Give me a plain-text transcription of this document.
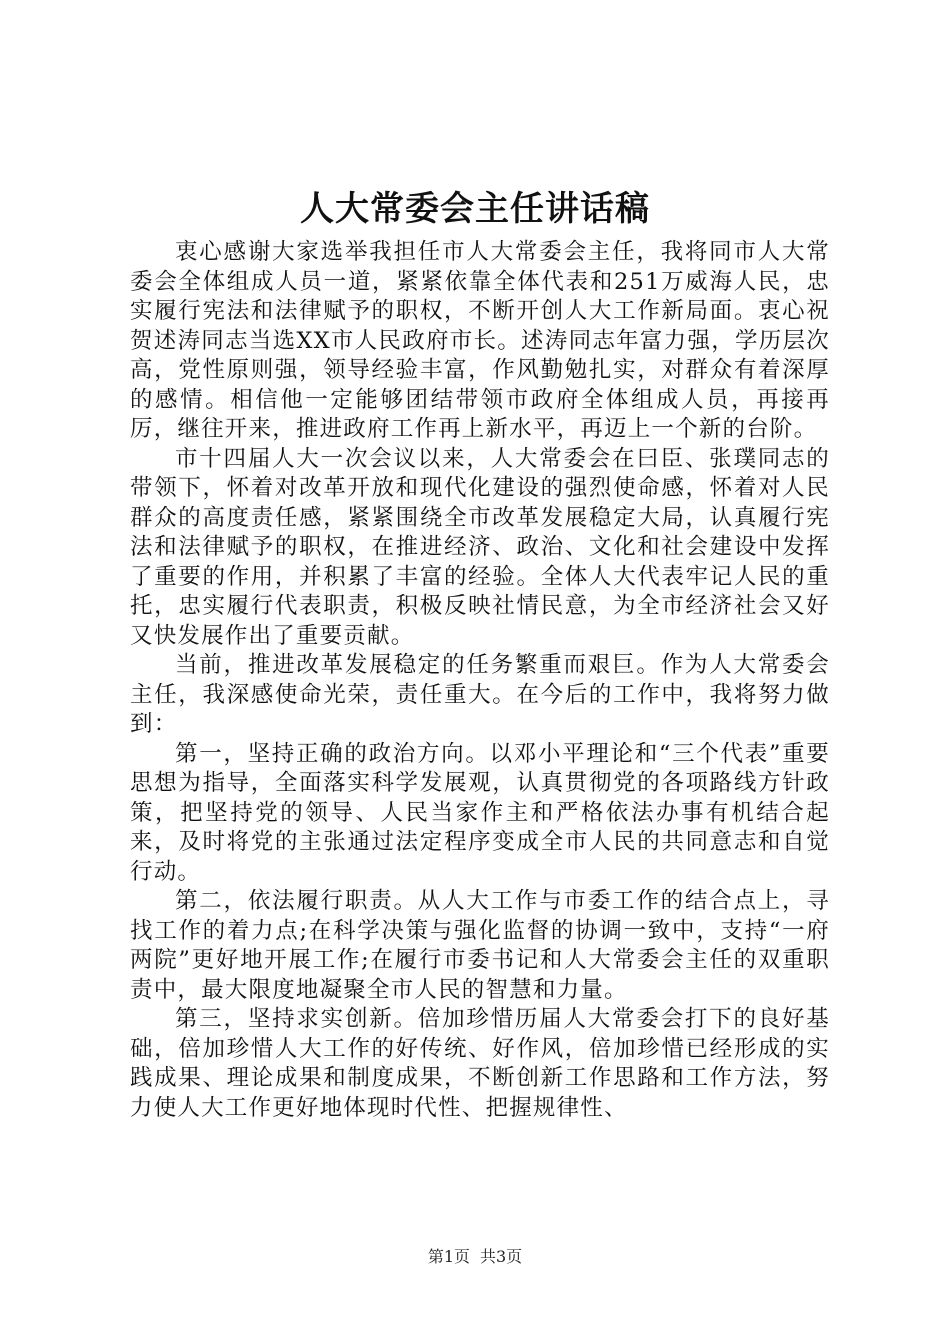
人大常委会主任讲话稿

衷心感谢大家选举我担任市人大常委会主任，我将同市人大常委会全体组成人员一道，紧紧依靠全体代表和251万威海人民，忠实履行宪法和法律赋予的职权，不断开创人大工作新局面。衷心祝贺述涛同志当选XX市人民政府市长。述涛同志年富力强，学历层次高，党性原则强，领导经验丰富，作风勤勉扎实，对群众有着深厚的感情。相信他一定能够团结带领市政府全体组成人员，再接再厉，继往开来，推进政府工作再上新水平，再迈上一个新的台阶。

市十四届人大一次会议以来，人大常委会在曰臣、张璞同志的带领下，怀着对改革开放和现代化建设的强烈使命感，怀着对人民群众的高度责任感，紧紧围绕全市改革发展稳定大局，认真履行宪法和法律赋予的职权，在推进经济、政治、文化和社会建设中发挥了重要的作用，并积累了丰富的经验。全体人大代表牢记人民的重托，忠实履行代表职责，积极反映社情民意，为全市经济社会又好又快发展作出了重要贡献。

当前，推进改革发展稳定的任务繁重而艰巨。作为人大常委会主任，我深感使命光荣，责任重大。在今后的工作中，我将努力做到：

第一，坚持正确的政治方向。以邓小平理论和“三个代表”重要思想为指导，全面落实科学发展观，认真贯彻党的各项路线方针政策，把坚持党的领导、人民当家作主和严格依法办事有机结合起来，及时将党的主张通过法定程序变成全市人民的共同意志和自觉行动。

第二，依法履行职责。从人大工作与市委工作的结合点上，寻找工作的着力点;在科学决策与强化监督的协调一致中，支持“一府两院”更好地开展工作;在履行市委书记和人大常委会主任的双重职责中，最大限度地凝聚全市人民的智慧和力量。

第三，坚持求实创新。倍加珍惜历届人大常委会打下的良好基础，倍加珍惜人大工作的好传统、好作风，倍加珍惜已经形成的实践成果、理论成果和制度成果，不断创新工作思路和工作方法，努力使人大工作更好地体现时代性、把握规律性、

第1页 共3页
